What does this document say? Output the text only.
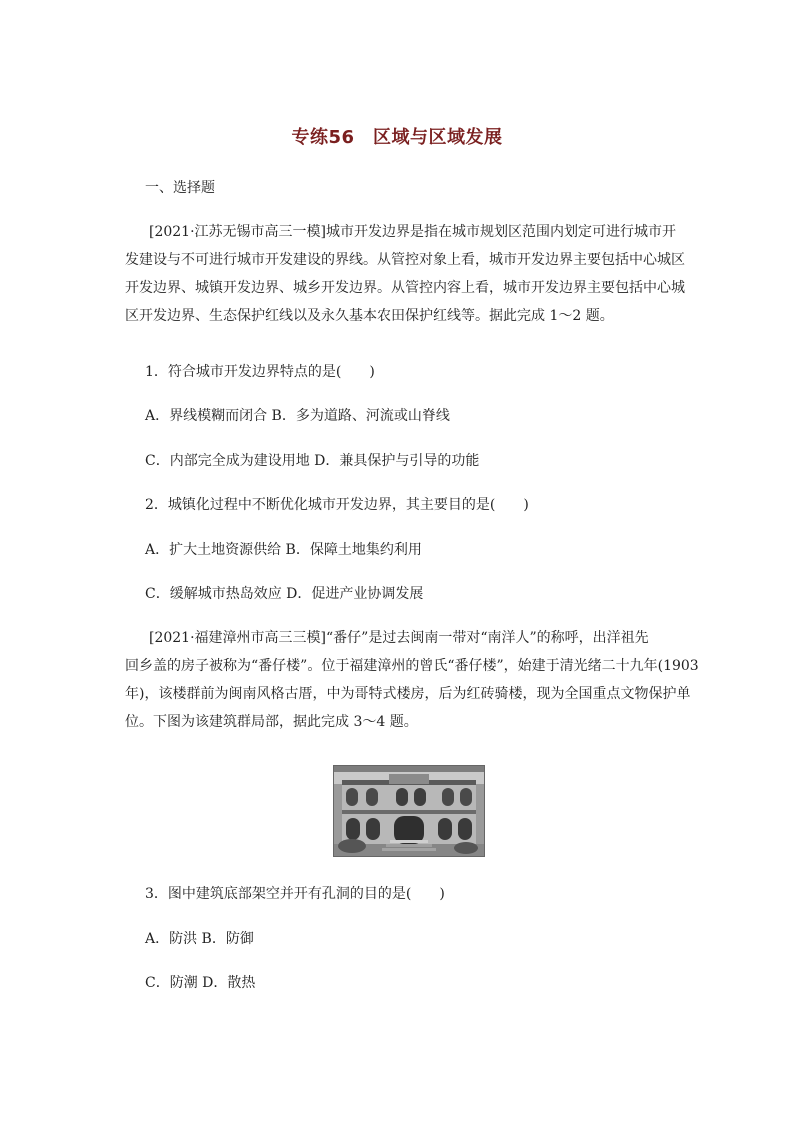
专练56　区域与区域发展
一、选择题
[2021·江苏无锡市高三一模]城市开发边界是指在城市规划区范围内划定可进行城市开
发建设与不可进行城市开发建设的界线。从管控对象上看，城市开发边界主要包括中心城区
开发边界、城镇开发边界、城乡开发边界。从管控内容上看，城市开发边界主要包括中心城
区开发边界、生态保护红线以及永久基本农田保护红线等。据此完成 1～2 题。
1．符合城市开发边界特点的是(　　)
A．界线模糊而闭合 B．多为道路、河流或山脊线
C．内部完全成为建设用地 D．兼具保护与引导的功能
2．城镇化过程中不断优化城市开发边界，其主要目的是(　　)
A．扩大土地资源供给 B．保障土地集约利用
C．缓解城市热岛效应 D．促进产业协调发展
[2021·福建漳州市高三三模]“番仔”是过去闽南一带对“南洋人”的称呼，出洋祖先
回乡盖的房子被称为“番仔楼”。位于福建漳州的曾氏“番仔楼”，始建于清光绪二十九年(1903
年)，该楼群前为闽南风格古厝，中为哥特式楼房，后为红砖骑楼，现为全国重点文物保护单
位。下图为该建筑群局部，据此完成 3～4 题。
3．图中建筑底部架空并开有孔洞的目的是(　　)
A．防洪 B．防御
C．防潮 D．散热
